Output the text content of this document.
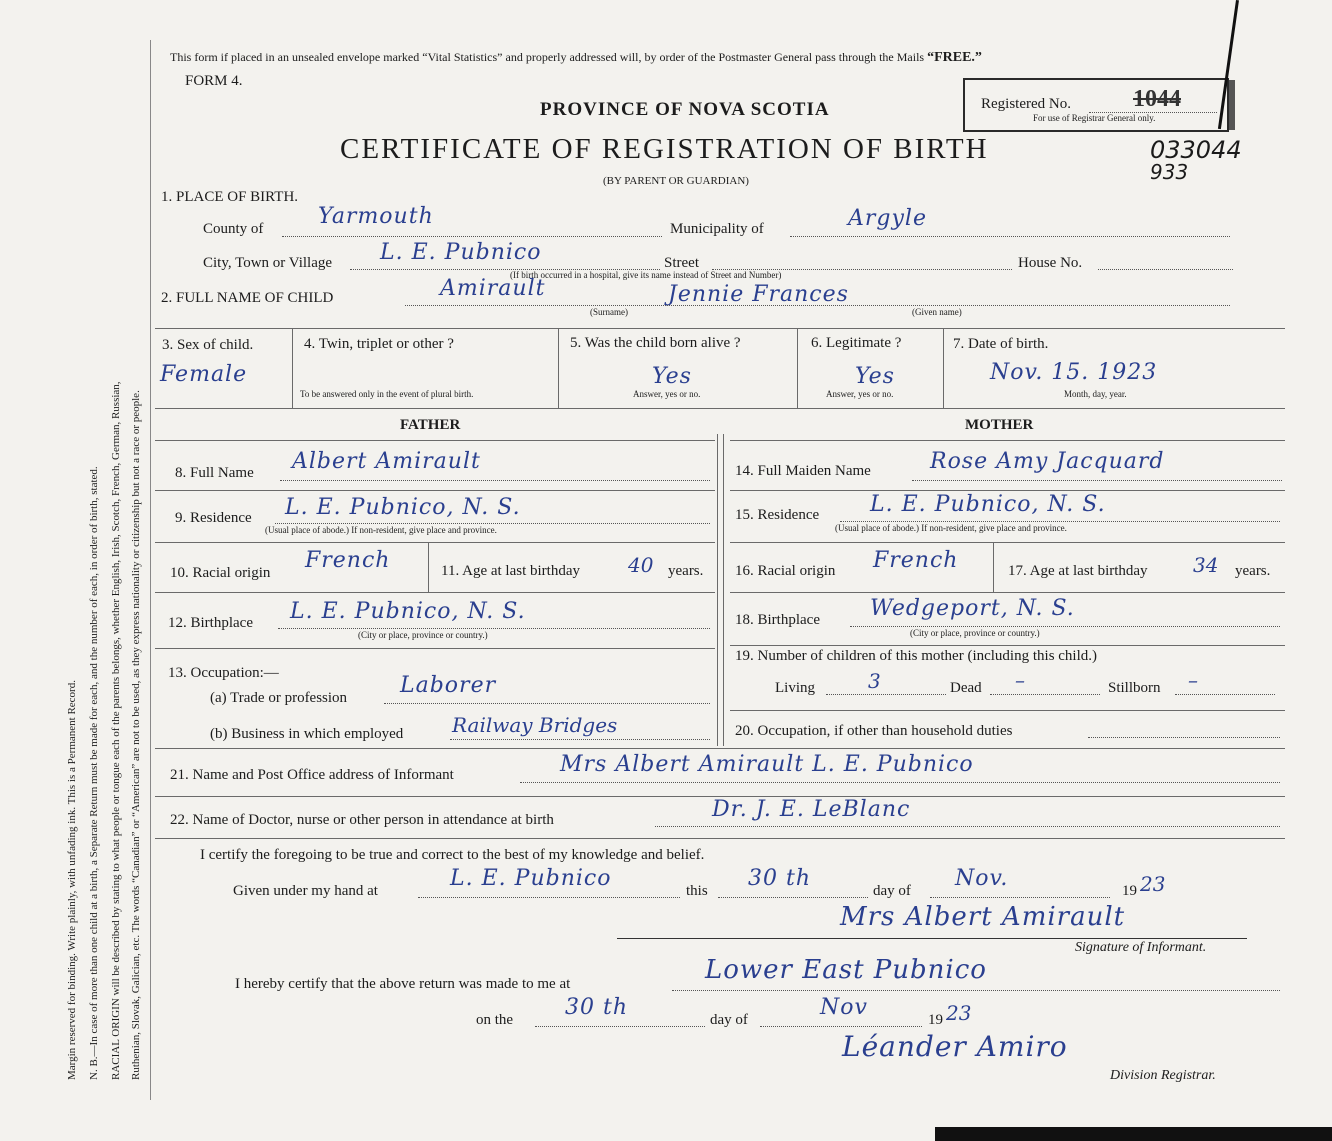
Margin reserved for binding. Write plainly, with unfading ink. This is a Permanent Record. N. B.—In case of more than one child at a birth, a Separate Return must be made for each, and the number of each, in order of birth, stated. RACIAL ORIGIN will be described by stating to what people or tongue each of the parents belongs, whether English, Irish, Scotch, French, German, Russian, Ruthenian, Slovak, Galician, etc. The words “Canadian” or “American” are not to be used, as they express nationality or citizenship but not a race or people.
This form if placed in an unsealed envelope marked “Vital Statistics” and properly addressed will, by order of the Postmaster General pass through the Mails “FREE.”
FORM 4.
PROVINCE OF NOVA SCOTIA
CERTIFICATE OF REGISTRATION OF BIRTH
(BY PARENT OR GUARDIAN)
Registered No.	1044
For use of Registrar General only.
033044
933
1. PLACE OF BIRTH.
County of Yarmouth	Municipality of	Argyle
City, Town or Village L. E. Pubnico	Street	House No.
(If birth occurred in a hospital, give its name instead of Street and Number)
2. FULL NAME OF CHILD	Amirault	Jennie Frances
(Surname)	(Given name)
3. Sex of child.
Female
4. Twin, triplet or other ?
To be answered only in the event of plural birth.
5. Was the child born alive ?
Yes
Answer, yes or no.
6. Legitimate ?
Yes
Answer, yes or no.
7. Date of birth.
Nov. 15. 1923
Month, day, year.
FATHER	MOTHER
8. Full Name Albert Amirault
9. Residence L. E. Pubnico, N. S.
(Usual place of abode.) If non-resident, give place and province.
10. Racial origin French	11. Age at last birthday 40 years.
12. Birthplace L. E. Pubnico, N. S.
(City or place, province or country.)
13. Occupation:—
(a) Trade or profession Laborer
(b) Business in which employed Railway Bridges
14. Full Maiden Name	Rose Amy Jacquard
15. Residence L. E. Pubnico, N. S.
(Usual place of abode.) If non-resident, give place and province.
16. Racial origin French	17. Age at last birthday 34 years.
18. Birthplace Wedgeport, N. S.
(City or place, province or country.)
19. Number of children of this mother (including this child.)
Living	3	Dead –	Stillborn –
20. Occupation, if other than household duties
21. Name and Post Office address of Informant	Mrs Albert Amirault L. E. Pubnico
22. Name of Doctor, nurse or other person in attendance at birth	Dr. J. E. LeBlanc
I certify the foregoing to be true and correct to the best of my knowledge and belief.
Given under my hand at	L. E. Pubnico	this 30 th	day of Nov.	19 23
Mrs Albert Amirault
Signature of Informant.
I hereby certify that the above return was made to me at	Lower East Pubnico
on the 30 th	day of	Nov	19 23
Léander Amiro
Division Registrar.
